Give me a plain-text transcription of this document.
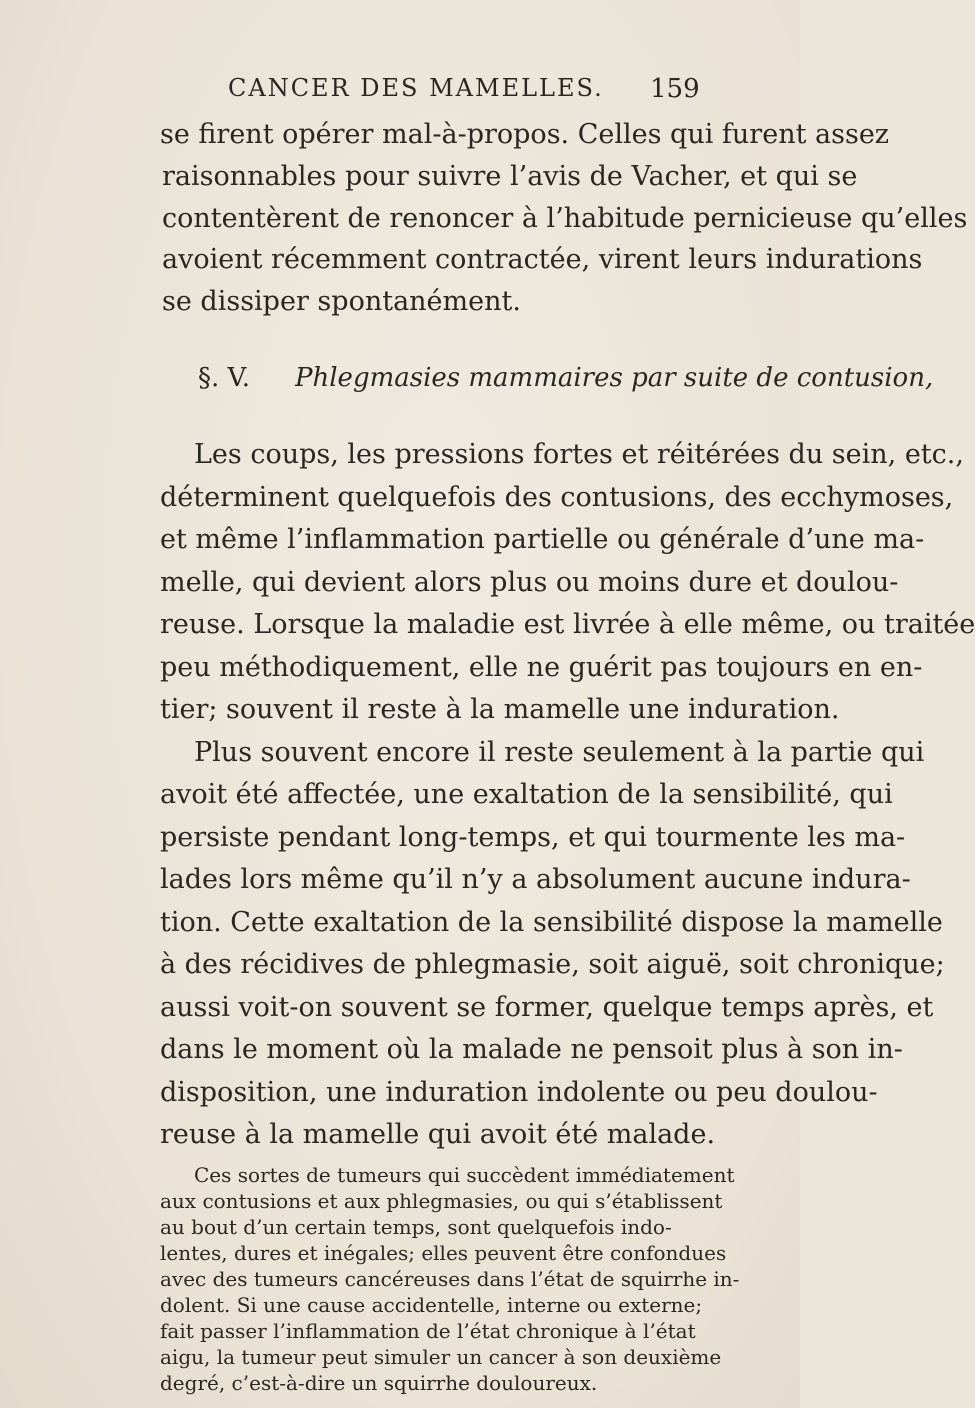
CANCER DES MAMELLES. 159
se firent opérer mal-à-propos. Celles qui furent assez
raisonnables pour suivre l’avis de Vacher, et qui se
contentèrent de renoncer à l’habitude pernicieuse qu’elles
avoient récemment contractée, virent leurs indurations
se dissiper spontanément.
§. V. Phlegmasies mammaires par suite de contusion,
Les coups, les pressions fortes et réitérées du sein, etc.,
déterminent quelquefois des contusions, des ecchymoses,
et même l’inflammation partielle ou générale d’une ma-
melle, qui devient alors plus ou moins dure et doulou-
reuse. Lorsque la maladie est livrée à elle même, ou traitée
peu méthodiquement, elle ne guérit pas toujours en en-
tier; souvent il reste à la mamelle une induration.
Plus souvent encore il reste seulement à la partie qui
avoit été affectée, une exaltation de la sensibilité, qui
persiste pendant long-temps, et qui tourmente les ma-
lades lors même qu’il n’y a absolument aucune indura-
tion. Cette exaltation de la sensibilité dispose la mamelle
à des récidives de phlegmasie, soit aiguë, soit chronique;
aussi voit-on souvent se former, quelque temps après, et
dans le moment où la malade ne pensoit plus à son in-
disposition, une induration indolente ou peu doulou-
reuse à la mamelle qui avoit été malade.
Ces sortes de tumeurs qui succèdent immédiatement
aux contusions et aux phlegmasies, ou qui s’établissent
au bout d’un certain temps, sont quelquefois indo-
lentes, dures et inégales; elles peuvent être confondues
avec des tumeurs cancéreuses dans l’état de squirrhe in-
dolent. Si une cause accidentelle, interne ou externe;
fait passer l’inflammation de l’état chronique à l’état
aigu, la tumeur peut simuler un cancer à son deuxième
degré, c’est-à-dire un squirrhe douloureux.
